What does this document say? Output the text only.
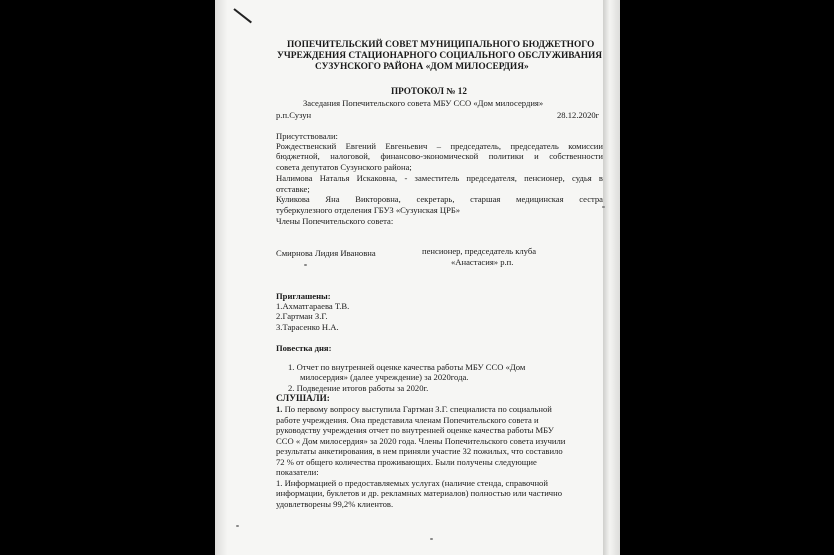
ПОПЕЧИТЕЛЬСКИЙ СОВЕТ МУНИЦИПАЛЬНОГО БЮДЖЕТНОГО
УЧРЕЖДЕНИЯ СТАЦИОНАРНОГО СОЦИАЛЬНОГО ОБСЛУЖИВАНИЯ
СУЗУНСКОГО РАЙОНА «ДОМ МИЛОСЕРДИЯ»
ПРОТОКОЛ № 12
Заседания Попечительского совета МБУ ССО «Дом милосердия»
р.п.Сузун	28.12.2020г
Присутствовали:
Рождественский Евгений Евгеньевич – председатель, председатель комиссии
бюджетной, налоговой, финансово-экономической политики и собственности
совета депутатов Сузунского района;
Налимова Наталья Искаковна, - заместитель председателя, пенсионер, судья в
отставке;
Куликова Яна Викторовна, секретарь, старшая медицинская сестра
туберкулезного отделения ГБУЗ «Сузунская ЦРБ»
Члены Попечительского совета:
Смирнова Лидия Ивановна	пенсионер, председатель клуба
«Анастасия» р.п.
Приглашены:
1.Ахматгараева Т.В.
2.Гартман З.Г.
3.Тарасенко Н.А.
Повестка дня:
1. Отчет по внутренней оценке качества работы МБУ ССО «Дом
милосердия» (далее учреждение) за 2020года.
2. Подведение итогов работы за 2020г.
СЛУШАЛИ:
1. По первому вопросу выступила Гартман З.Г. специалиста по социальной
работе учреждения. Она представила членам Попечительского совета и
руководству учреждения отчет по внутренней оценке качества работы МБУ
ССО « Дом милосердия» за 2020 года. Члены Попечительского совета изучили
результаты анкетирования, в нем приняли участие 32 пожилых, что составило
72 % от общего количества проживающих. Были получены следующие
показатели:
1. Информацией о предоставляемых услугах (наличие стенда, справочной
информации, буклетов и др. рекламных материалов) полностью или частично
удовлетворены 99,2% клиентов.
